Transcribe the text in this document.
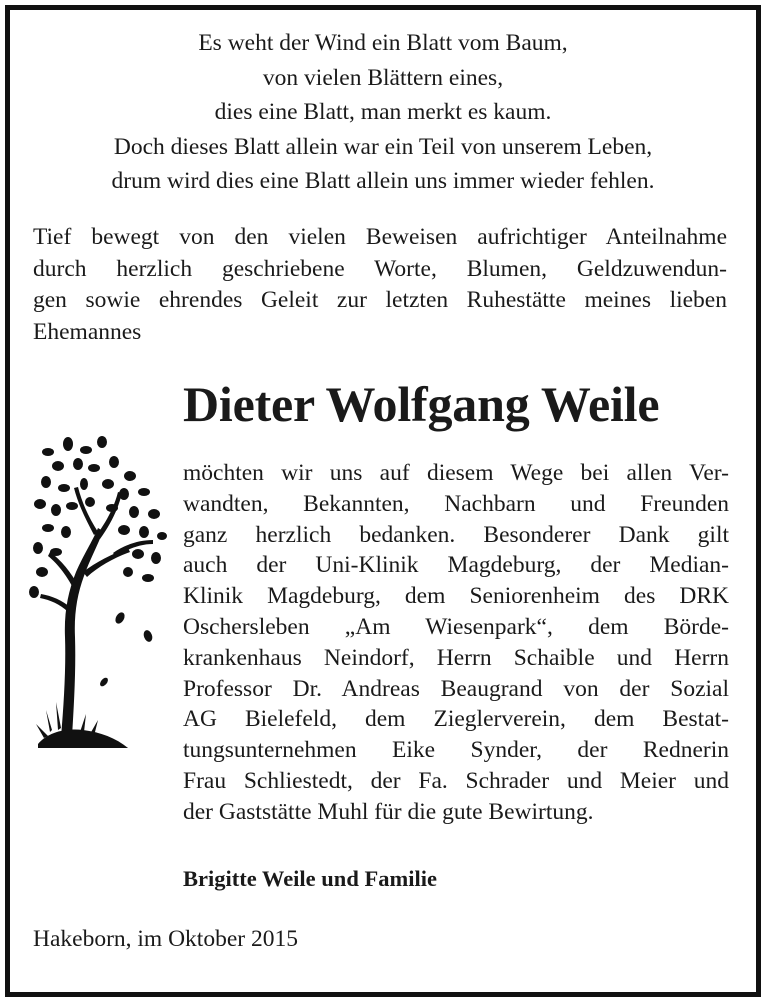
Es weht der Wind ein Blatt vom Baum,
von vielen Blättern eines,
dies eine Blatt, man merkt es kaum.
Doch dieses Blatt allein war ein Teil von unserem Leben,
drum wird dies eine Blatt allein uns immer wieder fehlen.
Tief bewegt von den vielen Beweisen aufrichtiger Anteilnahme
durch herzlich geschriebene Worte, Blumen, Geldzuwendun-
gen sowie ehrendes Geleit zur letzten Ruhestätte meines lieben
Ehemannes
Dieter Wolfgang Weile
möchten wir uns auf diesem Wege bei allen Ver-
wandten, Bekannten, Nachbarn und Freunden
ganz herzlich bedanken. Besonderer Dank gilt
auch der Uni-Klinik Magdeburg, der Median-
Klinik Magdeburg, dem Seniorenheim des DRK
Oschersleben „Am Wiesenpark“, dem Börde-
krankenhaus Neindorf, Herrn Schaible und Herrn
Professor Dr. Andreas Beaugrand von der Sozial
AG Bielefeld, dem Zieglerverein, dem Bestat-
tungsunternehmen Eike Synder, der Rednerin
Frau Schliestedt, der Fa. Schrader und Meier und
der Gaststätte Muhl für die gute Bewirtung.
Brigitte Weile und Familie
Hakeborn, im Oktober 2015
